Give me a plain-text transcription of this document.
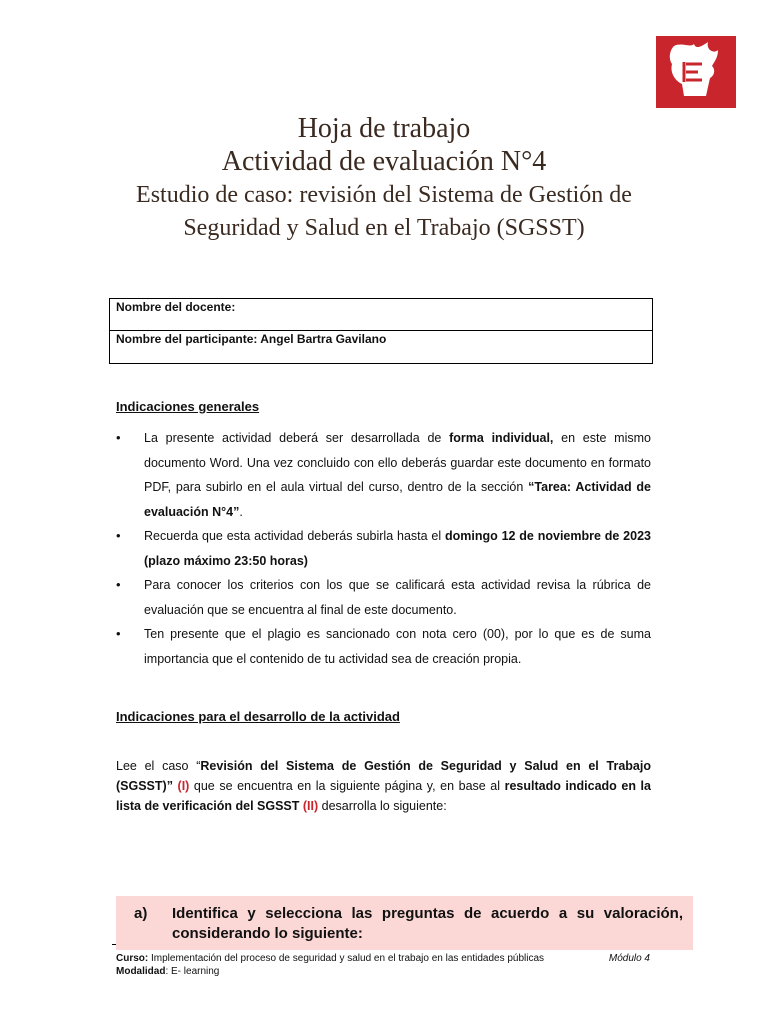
Hoja de trabajo
Actividad de evaluación N°4
Estudio de caso: revisión del Sistema de Gestión de
Seguridad y Salud en el Trabajo (SGSST)
Nombre del docente:
Nombre del participante: Angel Bartra Gavilano
Indicaciones generales
• La presente actividad deberá ser desarrollada de forma individual, en este mismo documento Word. Una vez concluido con ello deberás guardar este documento en formato PDF, para subirlo en el aula virtual del curso, dentro de la sección “Tarea: Actividad de evaluación N°4”.
• Recuerda que esta actividad deberás subirla hasta el domingo 12 de noviembre de 2023 (plazo máximo 23:50 horas)
• Para conocer los criterios con los que se calificará esta actividad revisa la rúbrica de evaluación que se encuentra al final de este documento.
• Ten presente que el plagio es sancionado con nota cero (00), por lo que es de suma importancia que el contenido de tu actividad sea de creación propia.
Indicaciones para el desarrollo de la actividad
Lee el caso “Revisión del Sistema de Gestión de Seguridad y Salud en el Trabajo (SGSST)” (I) que se encuentra en la siguiente página y, en base al resultado indicado en la lista de verificación del SGSST (II) desarrolla lo siguiente:
a) Identifica y selecciona las preguntas de acuerdo a su valoración, considerando lo siguiente:
Curso: Implementación del proceso de seguridad y salud en el trabajo en las entidades públicas
Modalidad: E- learning
Módulo 4
